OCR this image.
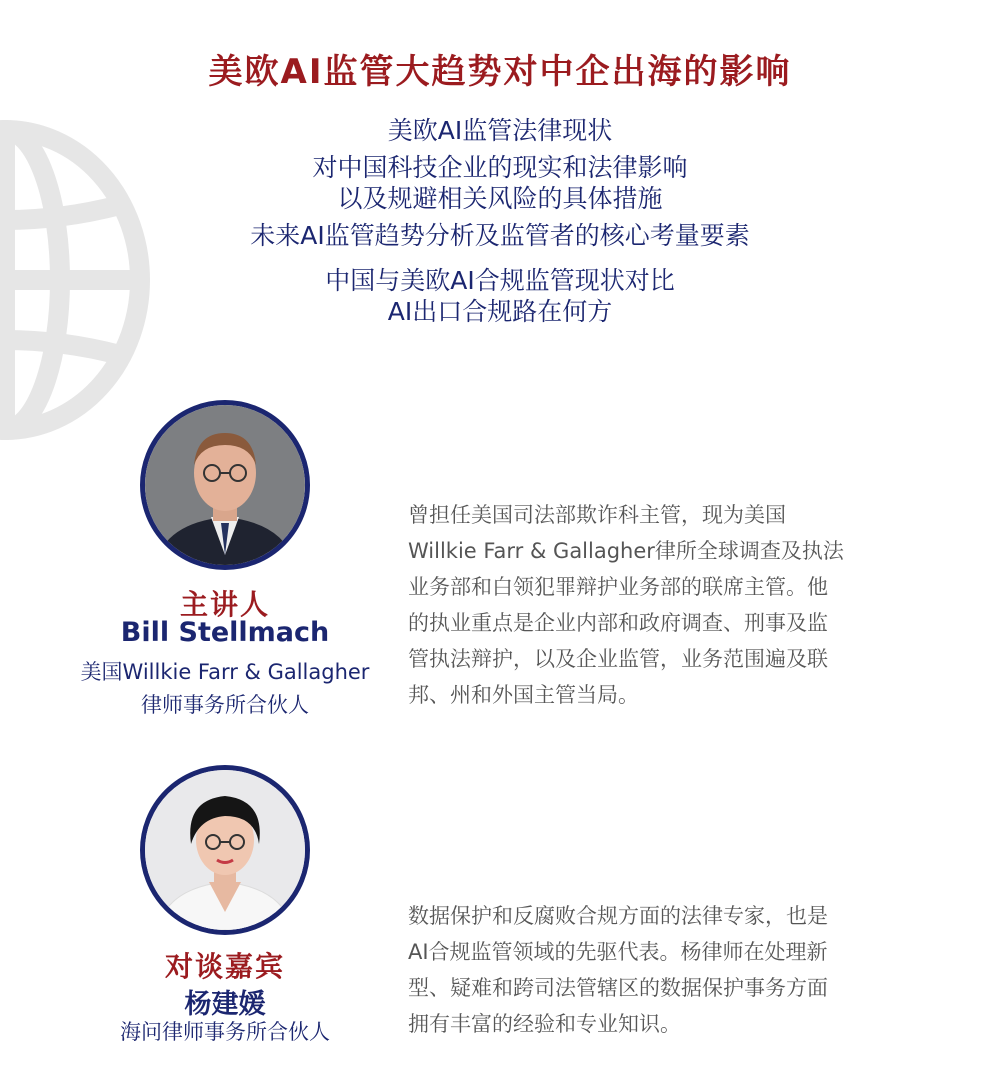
美欧AI监管大趋势对中企出海的影响
美欧AI监管法律现状
对中国科技企业的现实和法律影响
以及规避相关风险的具体措施
未来AI监管趋势分析及监管者的核心考量要素
中国与美欧AI合规监管现状对比
AI出口合规路在何方
主讲人
Bill Stellmach
美国Willkie Farr & Gallagher
律师事务所合伙人
曾担任美国司法部欺诈科主管，现为美国
Willkie Farr & Gallagher律所全球调查及执法
业务部和白领犯罪辩护业务部的联席主管。他
的执业重点是企业内部和政府调查、刑事及监
管执法辩护，以及企业监管，业务范围遍及联
邦、州和外国主管当局。
对谈嘉宾
杨建媛
海问律师事务所合伙人
数据保护和反腐败合规方面的法律专家，也是
AI合规监管领域的先驱代表。杨律师在处理新
型、疑难和跨司法管辖区的数据保护事务方面
拥有丰富的经验和专业知识。
